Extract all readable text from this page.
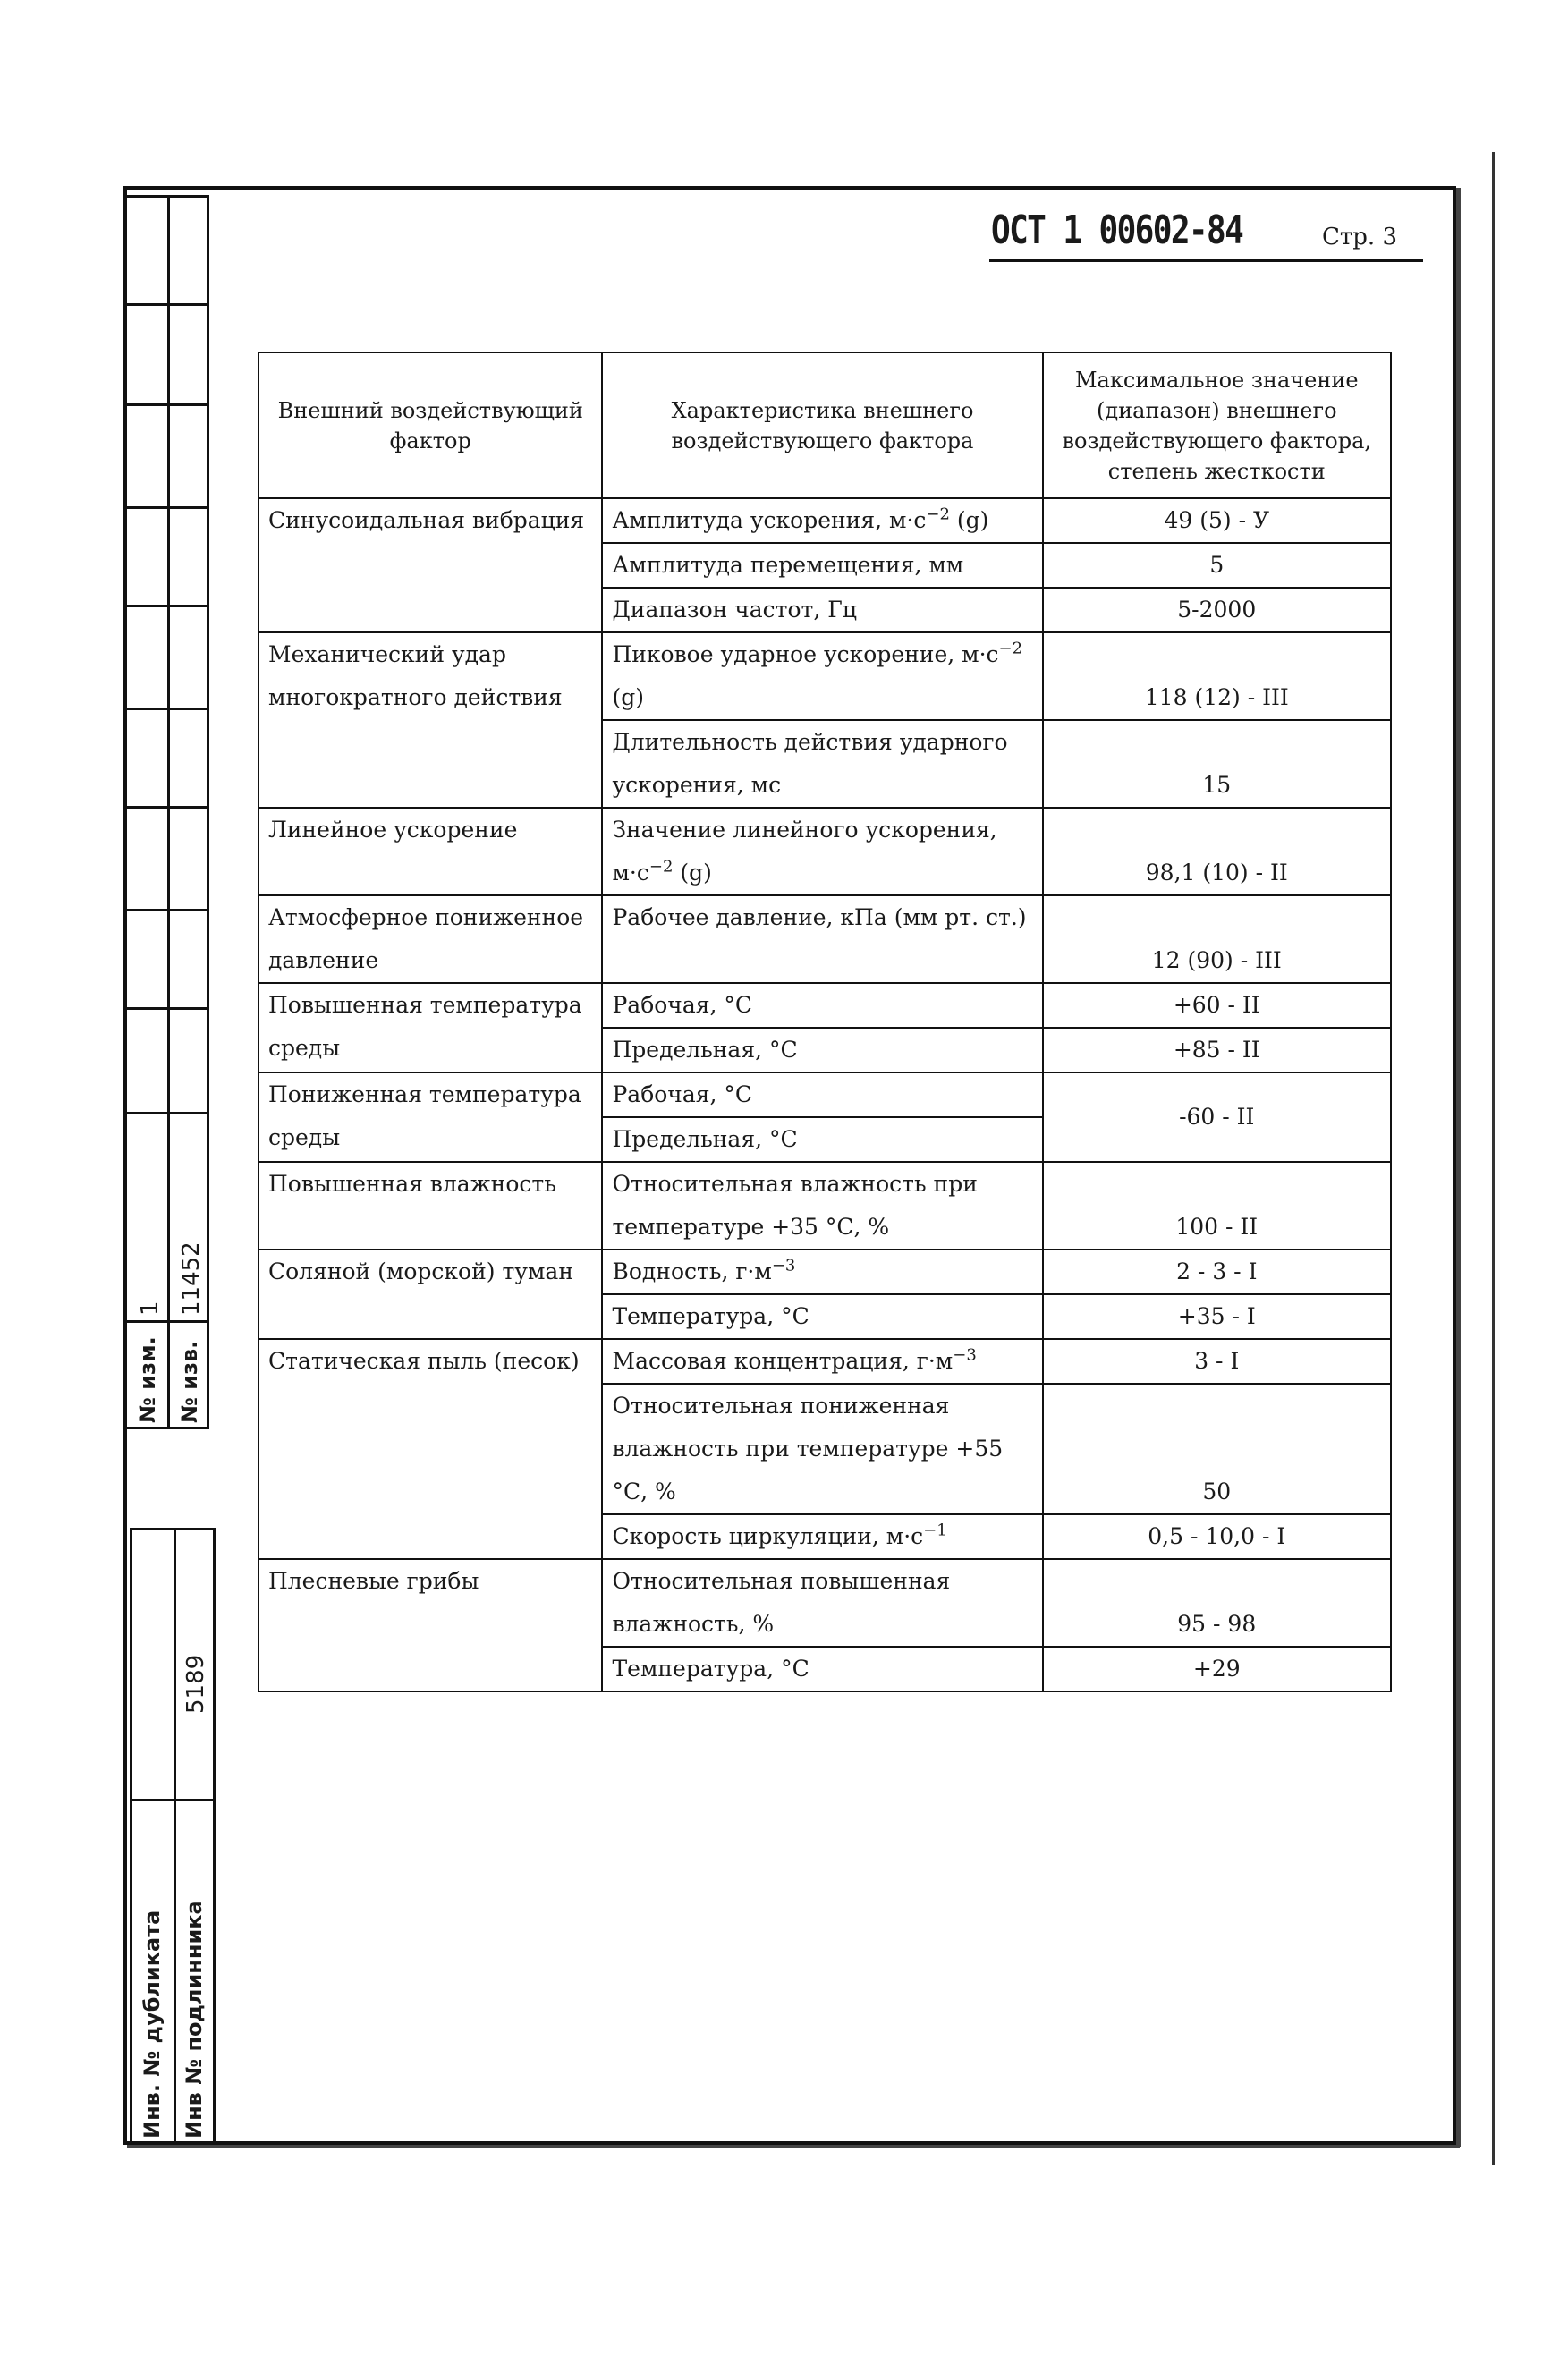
№ изм.
1
№ изв.
11452
Инв. № дубликата Инв № подлинника
5189
ОСТ 1 00602-84	Стр. 3
Внешний воздействующий фактор	Характеристика внешнего воздействующего фактора	Максимальное значение (диапазон) внешнего воздействующего фактора, степень жесткости
Синусоидальная вибрация	Амплитуда ускорения, $м\cdot с^{-2}$ (g)	49 (5) - У
	Амплитуда перемещения, мм	5
	Диапазон частот, Гц	5-2000
Механический удар многократного действия	Пиковое ударное ускорение, $м\cdot с^{-2}$ (g)	118 (12) - III
	Длительность действия ударного ускорения, мс	15
Линейное ускорение	Значение линейного ускорения, $м\cdot с^{-2}$ (g)	98,1 (10) - II
Атмосферное пониженное давление	Рабочее давление, кПа (мм рт. ст.)	12 (90) - III
Повышенная температура среды	Рабочая, °С	+60 - II
	Предельная, °С	+85 - II
Пониженная температура среды	Рабочая, °С	-60 - II
	Предельная, °С	
Повышенная влажность	Относительная влажность при температуре +35 °С, %	100 - II
Соляной (морской) туман	Водность, $г\cdot м^{-3}$	2 - 3 - I
	Температура, °С	+35 - I
Статическая пыль (песок)	Массовая концентрация, $г\cdot м^{-3}$	3 - I
	Относительная пониженная влажность при температуре +55 °С, %	50
	Скорость циркуляции, $м\cdot с^{-1}$	0,5 - 10,0 - I
Плесневые грибы	Относительная повышенная влажность, %	95 - 98
	Температура, °С	+29
